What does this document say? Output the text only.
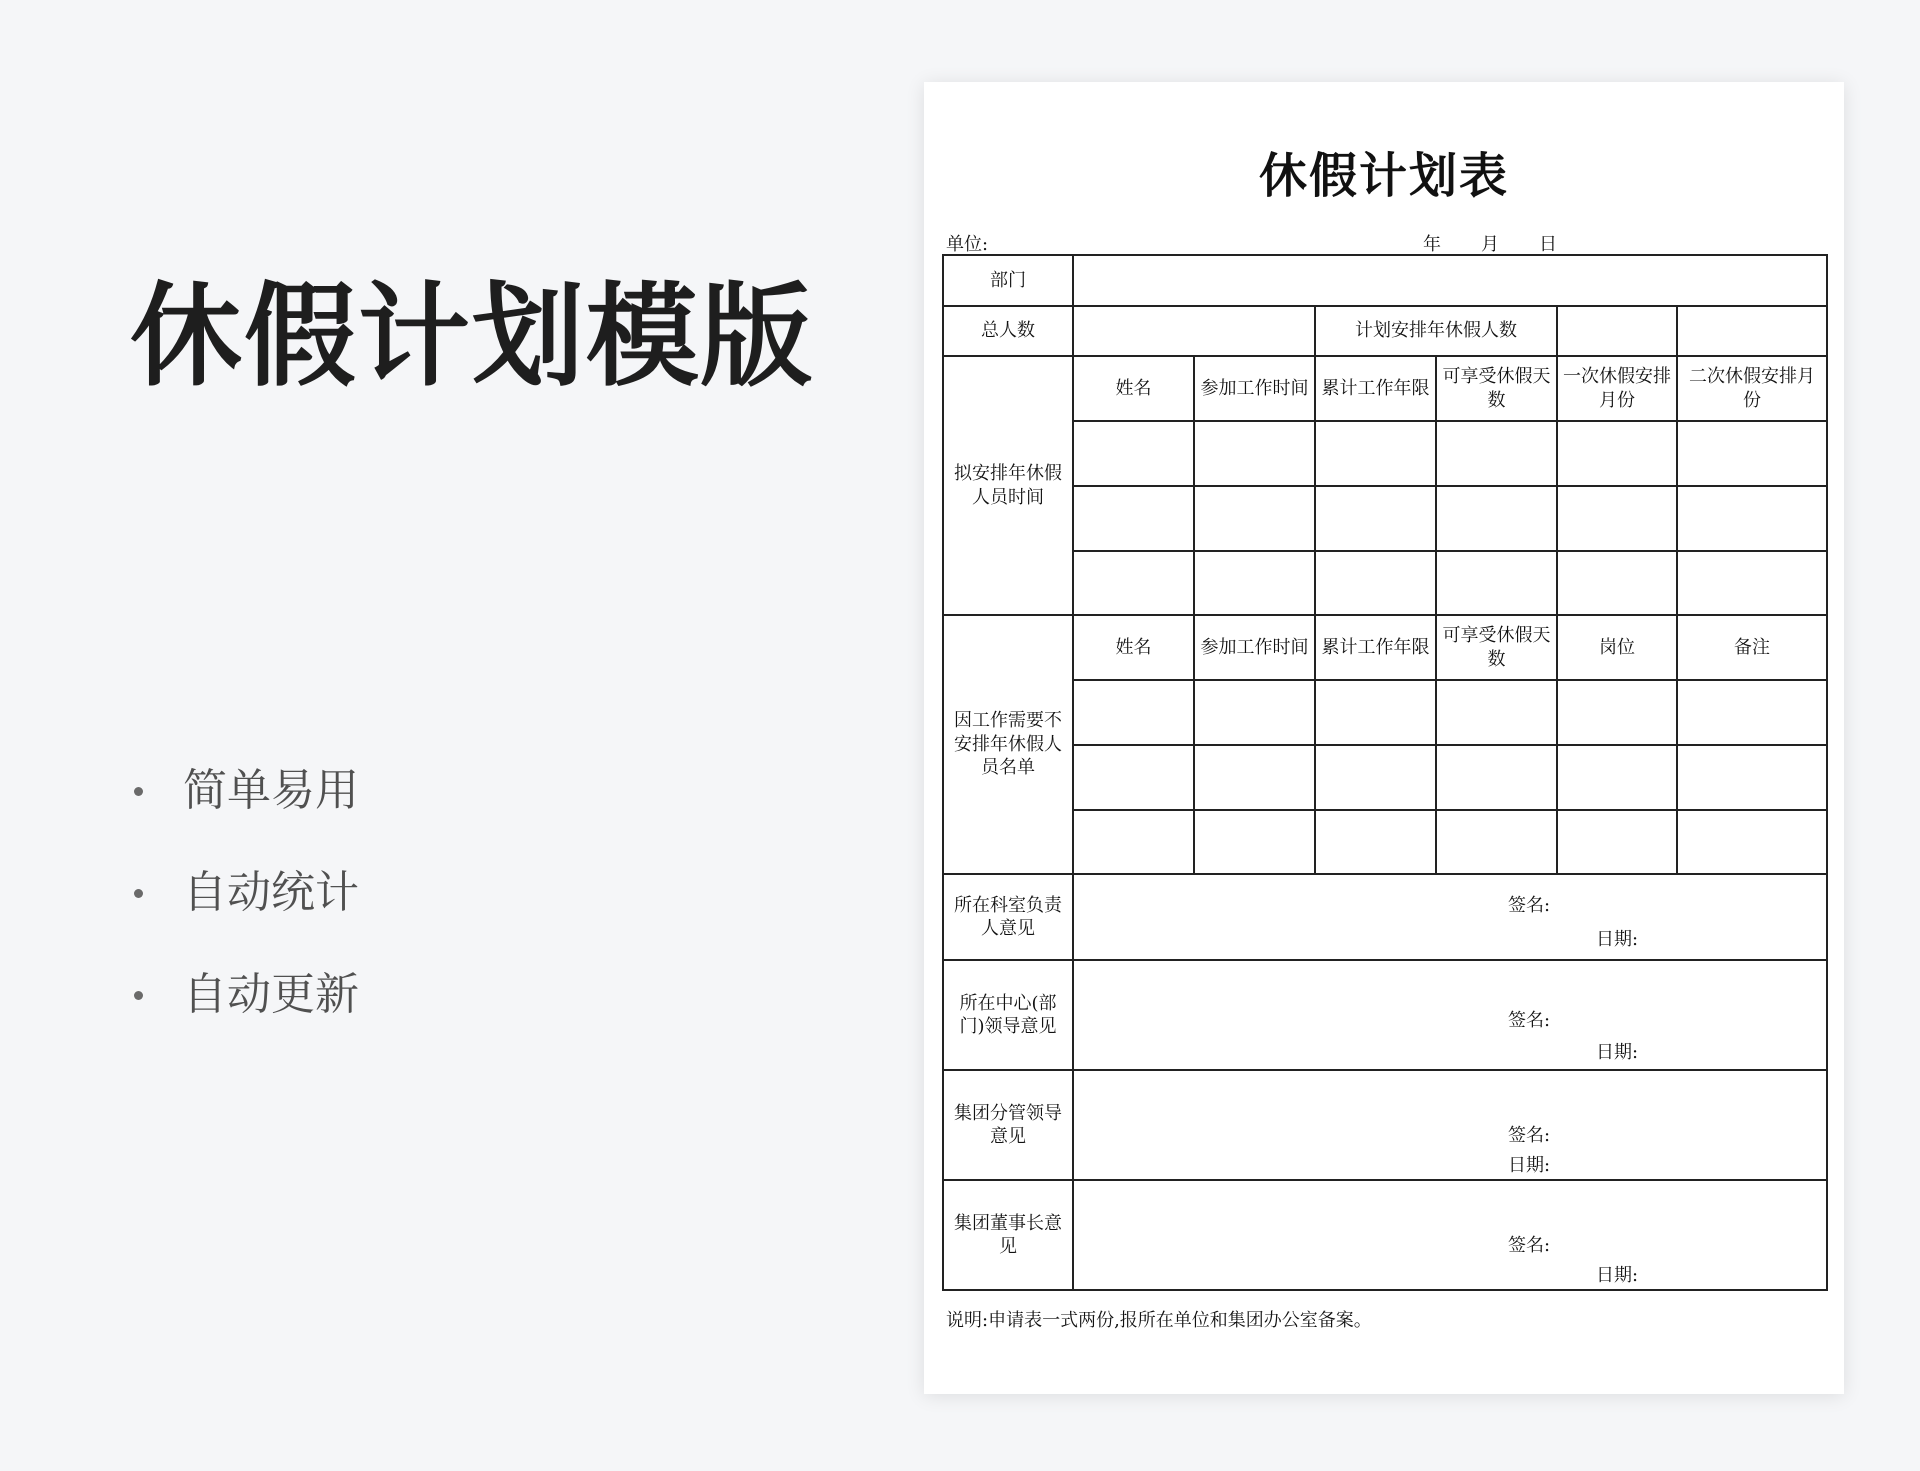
休假计划模版
简单易用
自动统计
自动更新
休假计划表
单位:	年 月 日
部门						
总人数			计划安排年休假人数			
拟安排年休假人员时间	姓名	参加工作时间	累计工作年限	可享受休假天数	一次休假安排月份	二次休假安排月份

因工作需要不安排年休假人员名单	姓名	参加工作时间	累计工作年限	可享受休假天数	岗位	备注

所在科室负责人意见	签名:
日期:					

所在中心(部门)领导意见	签名:
日期:					

集团分管领导意见	签名:
日期:					

集团董事长意见	签名:
日期:					
说明:申请表一式两份,报所在单位和集团办公室备案。
